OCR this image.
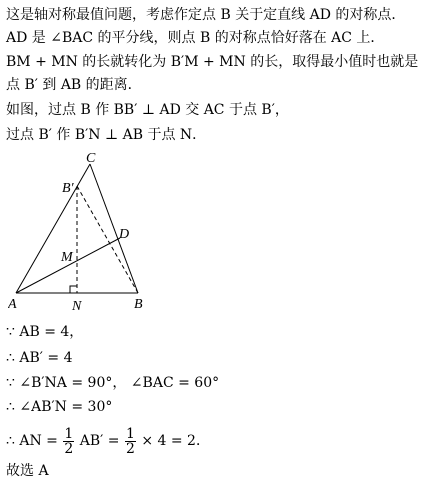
这是轴对称最值问题，考虑作定点 B 关于定直线 AD 的对称点．
AD 是 ∠BAC 的平分线，则点 B 的对称点恰好落在 AC 上．
BM + MN 的长就转化为 B′M + MN 的长，取得最小值时也就是
点 B′ 到 AB 的距离．
如图，过点 B 作 BB′ ⊥ AD 交 AC 于点 B′，
过点 B′ 作 B′N ⊥ AB 于点 N．
A	B
C
D
B′
M
N
∵ AB = 4，
∴ AB′ = 4
∵ ∠B′NA = 90°， ∠BAC = 60°
∴ ∠AB′N = 30°
∴ AN = $\frac{1}{2} AB' = \frac{1}{2} \times 4 = 2$．
故选 A
